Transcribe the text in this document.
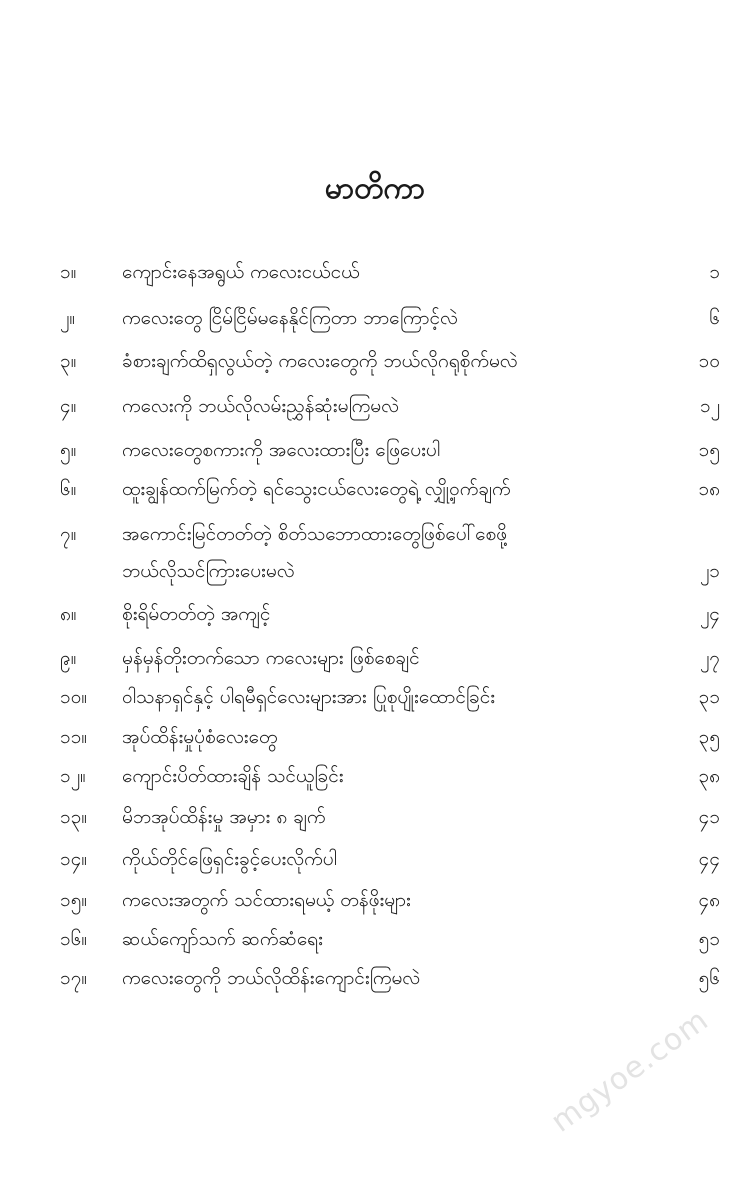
မာတိကာ
၁။ ကျောင်းနေအရွယ် ကလေးငယ်ငယ်	၁
၂။ ကလေးတွေ ငြိမ်ငြိမ်မနေနိုင်ကြတာ ဘာကြောင့်လဲ	၆
၃။ ခံစားချက်ထိရှလွယ်တဲ့ ကလေးတွေကို ဘယ်လိုဂရုစိုက်မလဲ	၁၀
၄။ ကလေးကို ဘယ်လိုလမ်းညွှန်ဆုံးမကြမလဲ	၁၂
၅။ ကလေးတွေစကားကို အလေးထားပြီး ဖြေပေးပါ	၁၅
၆။ ထူးချွန်ထက်မြက်တဲ့ ရင်သွေးငယ်လေးတွေရဲ့ လျှို့ဝှက်ချက်	၁၈
၇။ အကောင်းမြင်တတ်တဲ့ စိတ်သဘောထားတွေဖြစ်ပေါ်စေဖို့
ဘယ်လိုသင်ကြားပေးမလဲ	၂၁
၈။ စိုးရိမ်တတ်တဲ့ အကျင့်	၂၄
၉။ မှန်မှန်တိုးတက်သော ကလေးများ ဖြစ်စေချင်	၂၇
၁၀။ ဝါသနာရှင်နှင့် ပါရမီရှင်လေးများအား ပြုစုပျိုးထောင်ခြင်း	၃၁
၁၁။ အုပ်ထိန်းမှုပုံစံလေးတွေ	၃၅
၁၂။ ကျောင်းပိတ်ထားချိန် သင်ယူခြင်း	၃၈
၁၃။ မိဘအုပ်ထိန်းမှု အမှား ၈ ချက်	၄၁
၁၄။ ကိုယ်တိုင်ဖြေရှင်းခွင့်ပေးလိုက်ပါ	၄၄
၁၅။ ကလေးအတွက် သင်ထားရမယ့် တန်ဖိုးများ	၄၈
၁၆။ ဆယ်ကျော်သက် ဆက်ဆံရေး	၅၁
၁၇။ ကလေးတွေကို ဘယ်လိုထိန်းကျောင်းကြမလဲ	၅၆
mgyoe.com
